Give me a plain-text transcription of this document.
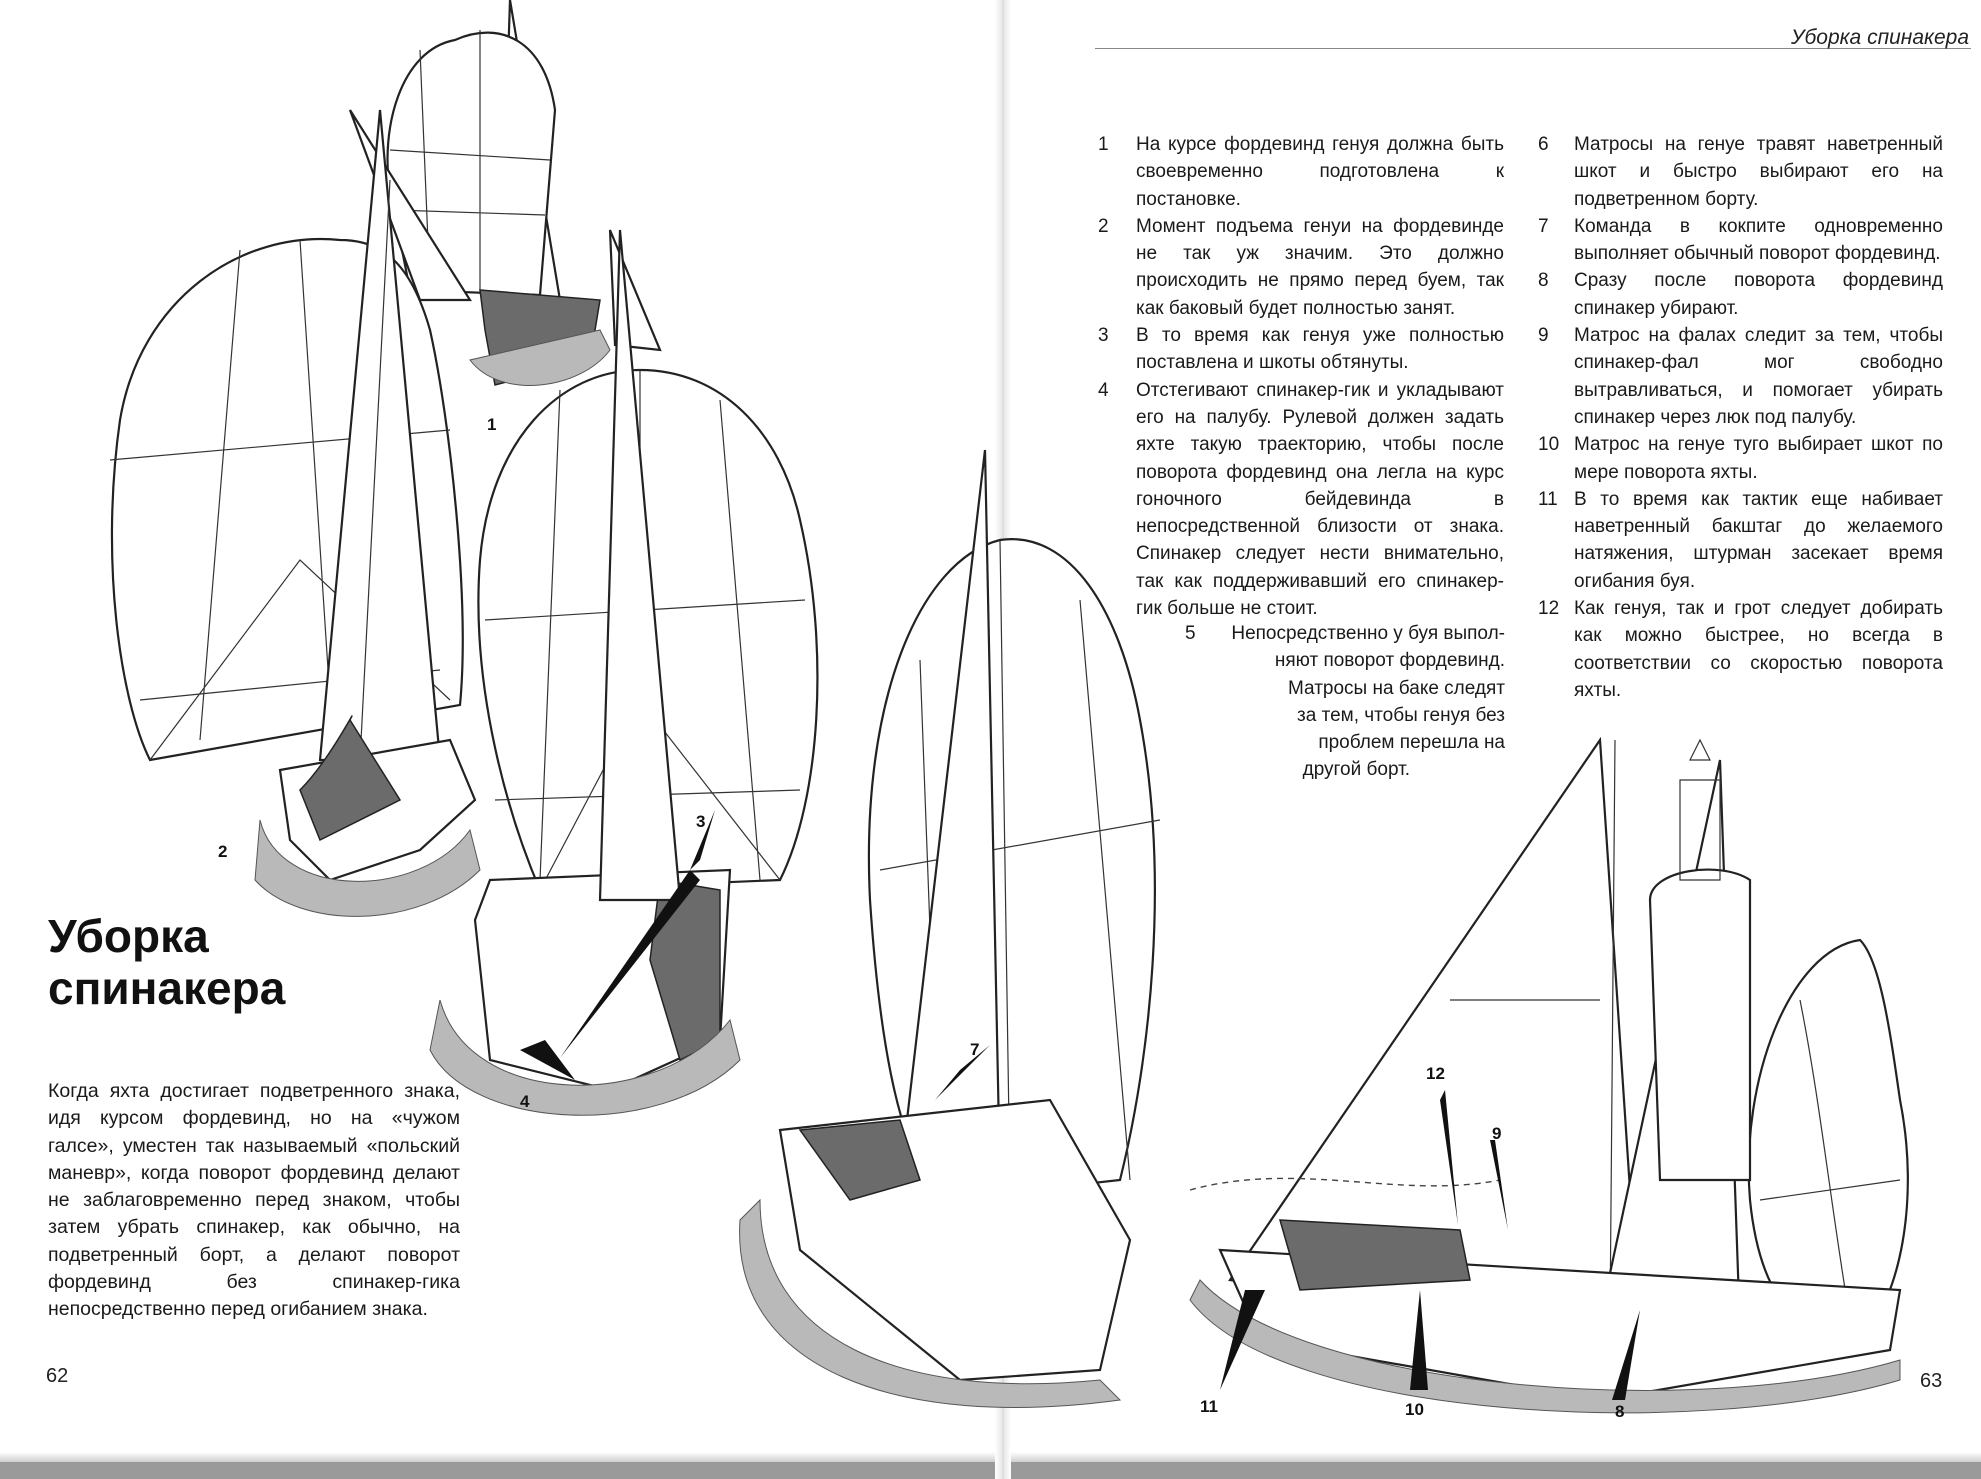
Уборка спинакера
1
2
3
4
7
12
9
11	10	8
Уборка
спинакера

Когда яхта достигает подветренного знака, идя курсом фордевинд, но на «чужом галсе», уместен так называемый «польский маневр», когда поворот фордевинд делают не заблаговременно перед знаком, чтобы затем убрать спинакер, как обычно, на подветренный борт, а делают поворот фордевинд без спинакер-гика непосредственно перед огибанием знака.

62
1	На курсе фордевинд генуя должна быть своевременно подготовлена к постановке.
2	Момент подъема генуи на фордевинде не так уж значим. Это должно происходить не прямо перед буем, так как баковый будет полностью занят.
3	В то время как генуя уже полностью поставлена и шкоты обтянуты.
4	Отстегивают спинакер-гик и укладывают его на палубу. Рулевой должен задать яхте такую траекторию, чтобы после поворота фордевинд она легла на курс гоночного бейдевинда в непосредственной близости от знака. Спинакер следует нести внимательно, так как поддерживавший его спинакер-гик больше не стоит.
5	Непосредственно у буя выпол-
няют поворот фордевинд.
Матросы на баке следят
за тем, чтобы генуя без
проблем перешла на
другой борт.
6	Матросы на генуе травят наветренный шкот и быстро выбирают его на подветренном борту.
7	Команда в кокпите одновременно выполняет обычный поворот фордевинд.
8	Сразу после поворота фордевинд спинакер убирают.
9	Матрос на фалах следит за тем, чтобы спинакер-фал мог свободно вытравливаться, и помогает убирать спинакер через люк под палубу.
10 Матрос на генуе туго выбирает шкот по мере поворота яхты.
11 В то время как тактик еще набивает наветренный бакштаг до желаемого натяжения, штурман засекает время огибания буя.
12 Как генуя, так и грот следует добирать как можно быстрее, но всегда в соответствии со скоростью поворота яхты.
63
